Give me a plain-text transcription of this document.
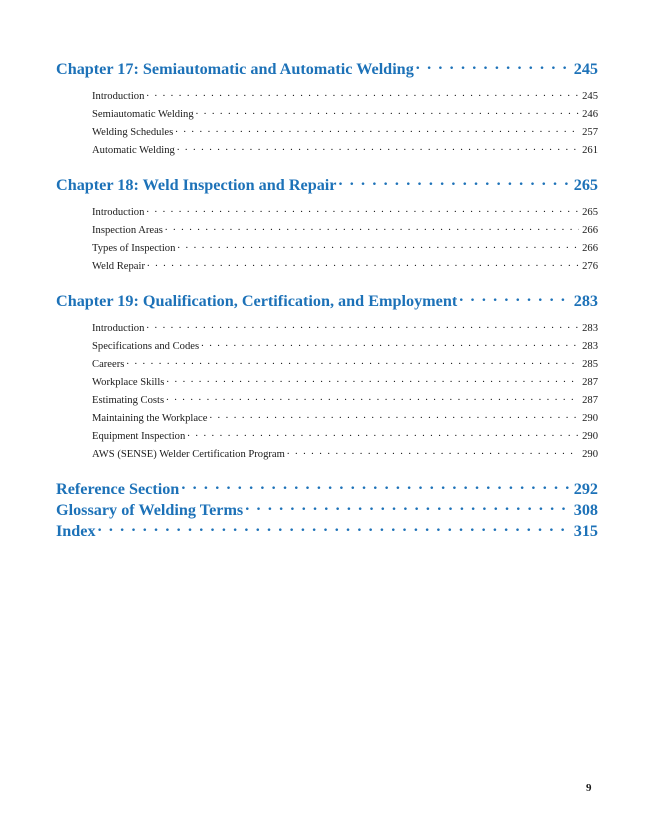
Chapter 17: Semiautomatic and Automatic Welding . . .	245
Introduction . . .	245
Semiautomatic Welding . . .	246
Welding Schedules . . .	257
Automatic Welding . . .	261
Chapter 18: Weld Inspection and Repair . . .	265
Introduction . . .	265
Inspection Areas . . .	266
Types of Inspection . . .	266
Weld Repair . . .	276
Chapter 19: Qualification, Certification, and Employment . . .	283
Introduction . . .	283
Specifications and Codes . . .	283
Careers . . .	285
Workplace Skills . . .	287
Estimating Costs . . .	287
Maintaining the Workplace . . .	290
Equipment Inspection . . .	290
AWS (SENSE) Welder Certification Program . . .	290
Reference Section . . .	292
Glossary of Welding Terms . . .	308
Index . . .	315
9
